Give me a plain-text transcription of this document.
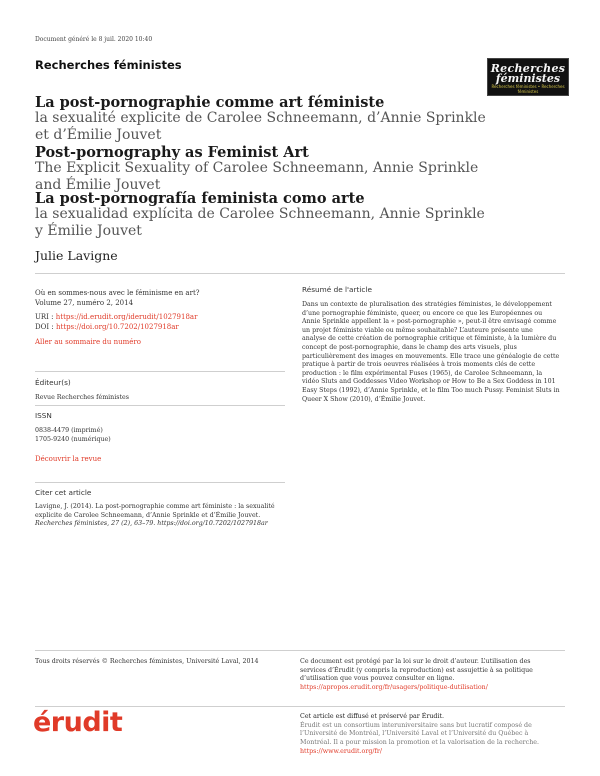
Document généré le 8 juil. 2020 10:40
Recherches féministes	Recherches
féministes
Recherches féministes • Recherches féministes
La post-pornographie comme art féministe
la sexualité explicite de Carolee Schneemann, d’Annie Sprinkle
et d’Émilie Jouvet
Post-pornography as Feminist Art
The Explicit Sexuality of Carolee Schneemann, Annie Sprinkle
and Émilie Jouvet
La post-pornografía feminista como arte
la sexualidad explícita de Carolee Schneemann, Annie Sprinkle
y Émilie Jouvet
Julie Lavigne
Où en sommes-nous avec le féminisme en art?
Volume 27, numéro 2, 2014
URI : https://id.erudit.org/iderudit/1027918ar
DOI : https://doi.org/10.7202/1027918ar
Aller au sommaire du numéro
Éditeur(s)
Revue Recherches féministes
ISSN
0838-4479 (imprimé)
1705-9240 (numérique)
Découvrir la revue
Citer cet article
Lavigne, J. (2014). La post-pornographie comme art féministe : la sexualité
explicite de Carolee Schneemann, d’Annie Sprinkle et d’Émilie Jouvet.
Recherches féministes, 27 (2), 63–79. https://doi.org/10.7202/1027918ar
Résumé de l'article
Dans un contexte de pluralisation des stratégies féministes, le développement
d’une pornographie féministe, queer, ou encore ce que les Européennes ou
Annie Sprinkle appellent la « post-pornographie », peut-il être envisagé comme
un projet féministe viable ou même souhaitable? L’auteure présente une
analyse de cette création de pornographie critique et féministe, à la lumière du
concept de post-pornographie, dans le champ des arts visuels, plus
particulièrement des images en mouvements. Elle trace une généalogie de cette
pratique à partir de trois oeuvres réalisées à trois moments clés de cette
production : le film expérimental Fuses (1965), de Carolee Schneemann, la
vidéo Sluts and Goddesses Video Workshop or How to Be a Sex Goddess in 101
Easy Steps (1992), d’Annie Sprinkle, et le film Too much Pussy. Feminist Sluts in
Queer X Show (2010), d’Émilie Jouvet.
Tous droits réservés © Recherches féministes, Université Laval, 2014	Ce document est protégé par la loi sur le droit d’auteur. L’utilisation des
services d’Érudit (y compris la reproduction) est assujettie à sa politique
d’utilisation que vous pouvez consulter en ligne.
https://apropos.erudit.org/fr/usagers/politique-dutilisation/
érudit	Cet article est diffusé et préservé par Érudit.
Érudit est un consortium interuniversitaire sans but lucratif composé de
l’Université de Montréal, l’Université Laval et l’Université du Québec à
Montréal. Il a pour mission la promotion et la valorisation de la recherche.
https://www.erudit.org/fr/
